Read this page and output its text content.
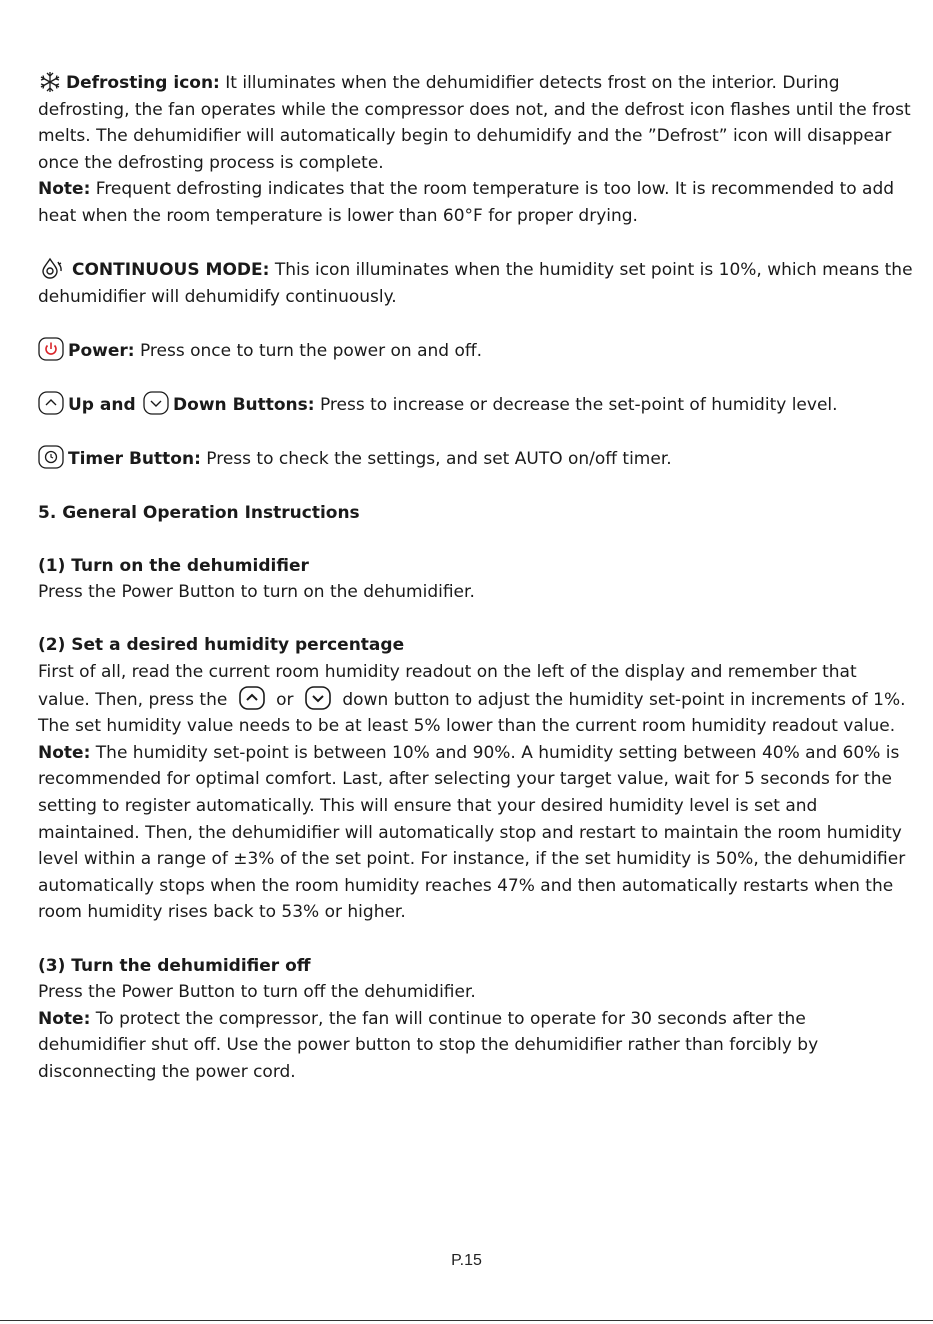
Defrosting icon: It illuminates when the dehumidifier detects frost on the interior. During defrosting, the fan operates while the compressor does not, and the defrost icon flashes until the frost melts. The dehumidifier will automatically begin to dehumidify and the ”Defrost” icon will disappear once the defrosting process is complete.

Note: Frequent defrosting indicates that the room temperature is too low. It is recommended to add heat when the room temperature is lower than 60°F for proper drying.

CONTINUOUS MODE: This icon illuminates when the humidity set point is 10%, which means the dehumidifier will dehumidify continuously.

Power: Press once to turn the power on and off.

Up and Down Buttons: Press to increase or decrease the set-point of humidity level.

Timer Button: Press to check the settings, and set AUTO on/off timer.

5. General Operation Instructions

(1) Turn on the dehumidifier

Press the Power Button to turn on the dehumidifier.

(2) Set a desired humidity percentage

First of all, read the current room humidity readout on the left of the display and remember that value. Then, press the	or	down button to adjust the humidity set-point in increments of 1%. The set humidity value needs to be at least 5% lower than the current room humidity readout value.

Note: The humidity set-point is between 10% and 90%. A humidity setting between 40% and 60% is recommended for optimal comfort. Last, after selecting your target value, wait for 5 seconds for the setting to register automatically. This will ensure that your desired humidity level is set and maintained. Then, the dehumidifier will automatically stop and restart to maintain the room humidity level within a range of ±3% of the set point. For instance, if the set humidity is 50%, the dehumidifier automatically stops when the room humidity reaches 47% and then automatically restarts when the room humidity rises back to 53% or higher.

(3) Turn the dehumidifier off

Press the Power Button to turn off the dehumidifier.

Note: To protect the compressor, the fan will continue to operate for 30 seconds after the dehumidifier shut off. Use the power button to stop the dehumidifier rather than forcibly by disconnecting the power cord.

P.15
